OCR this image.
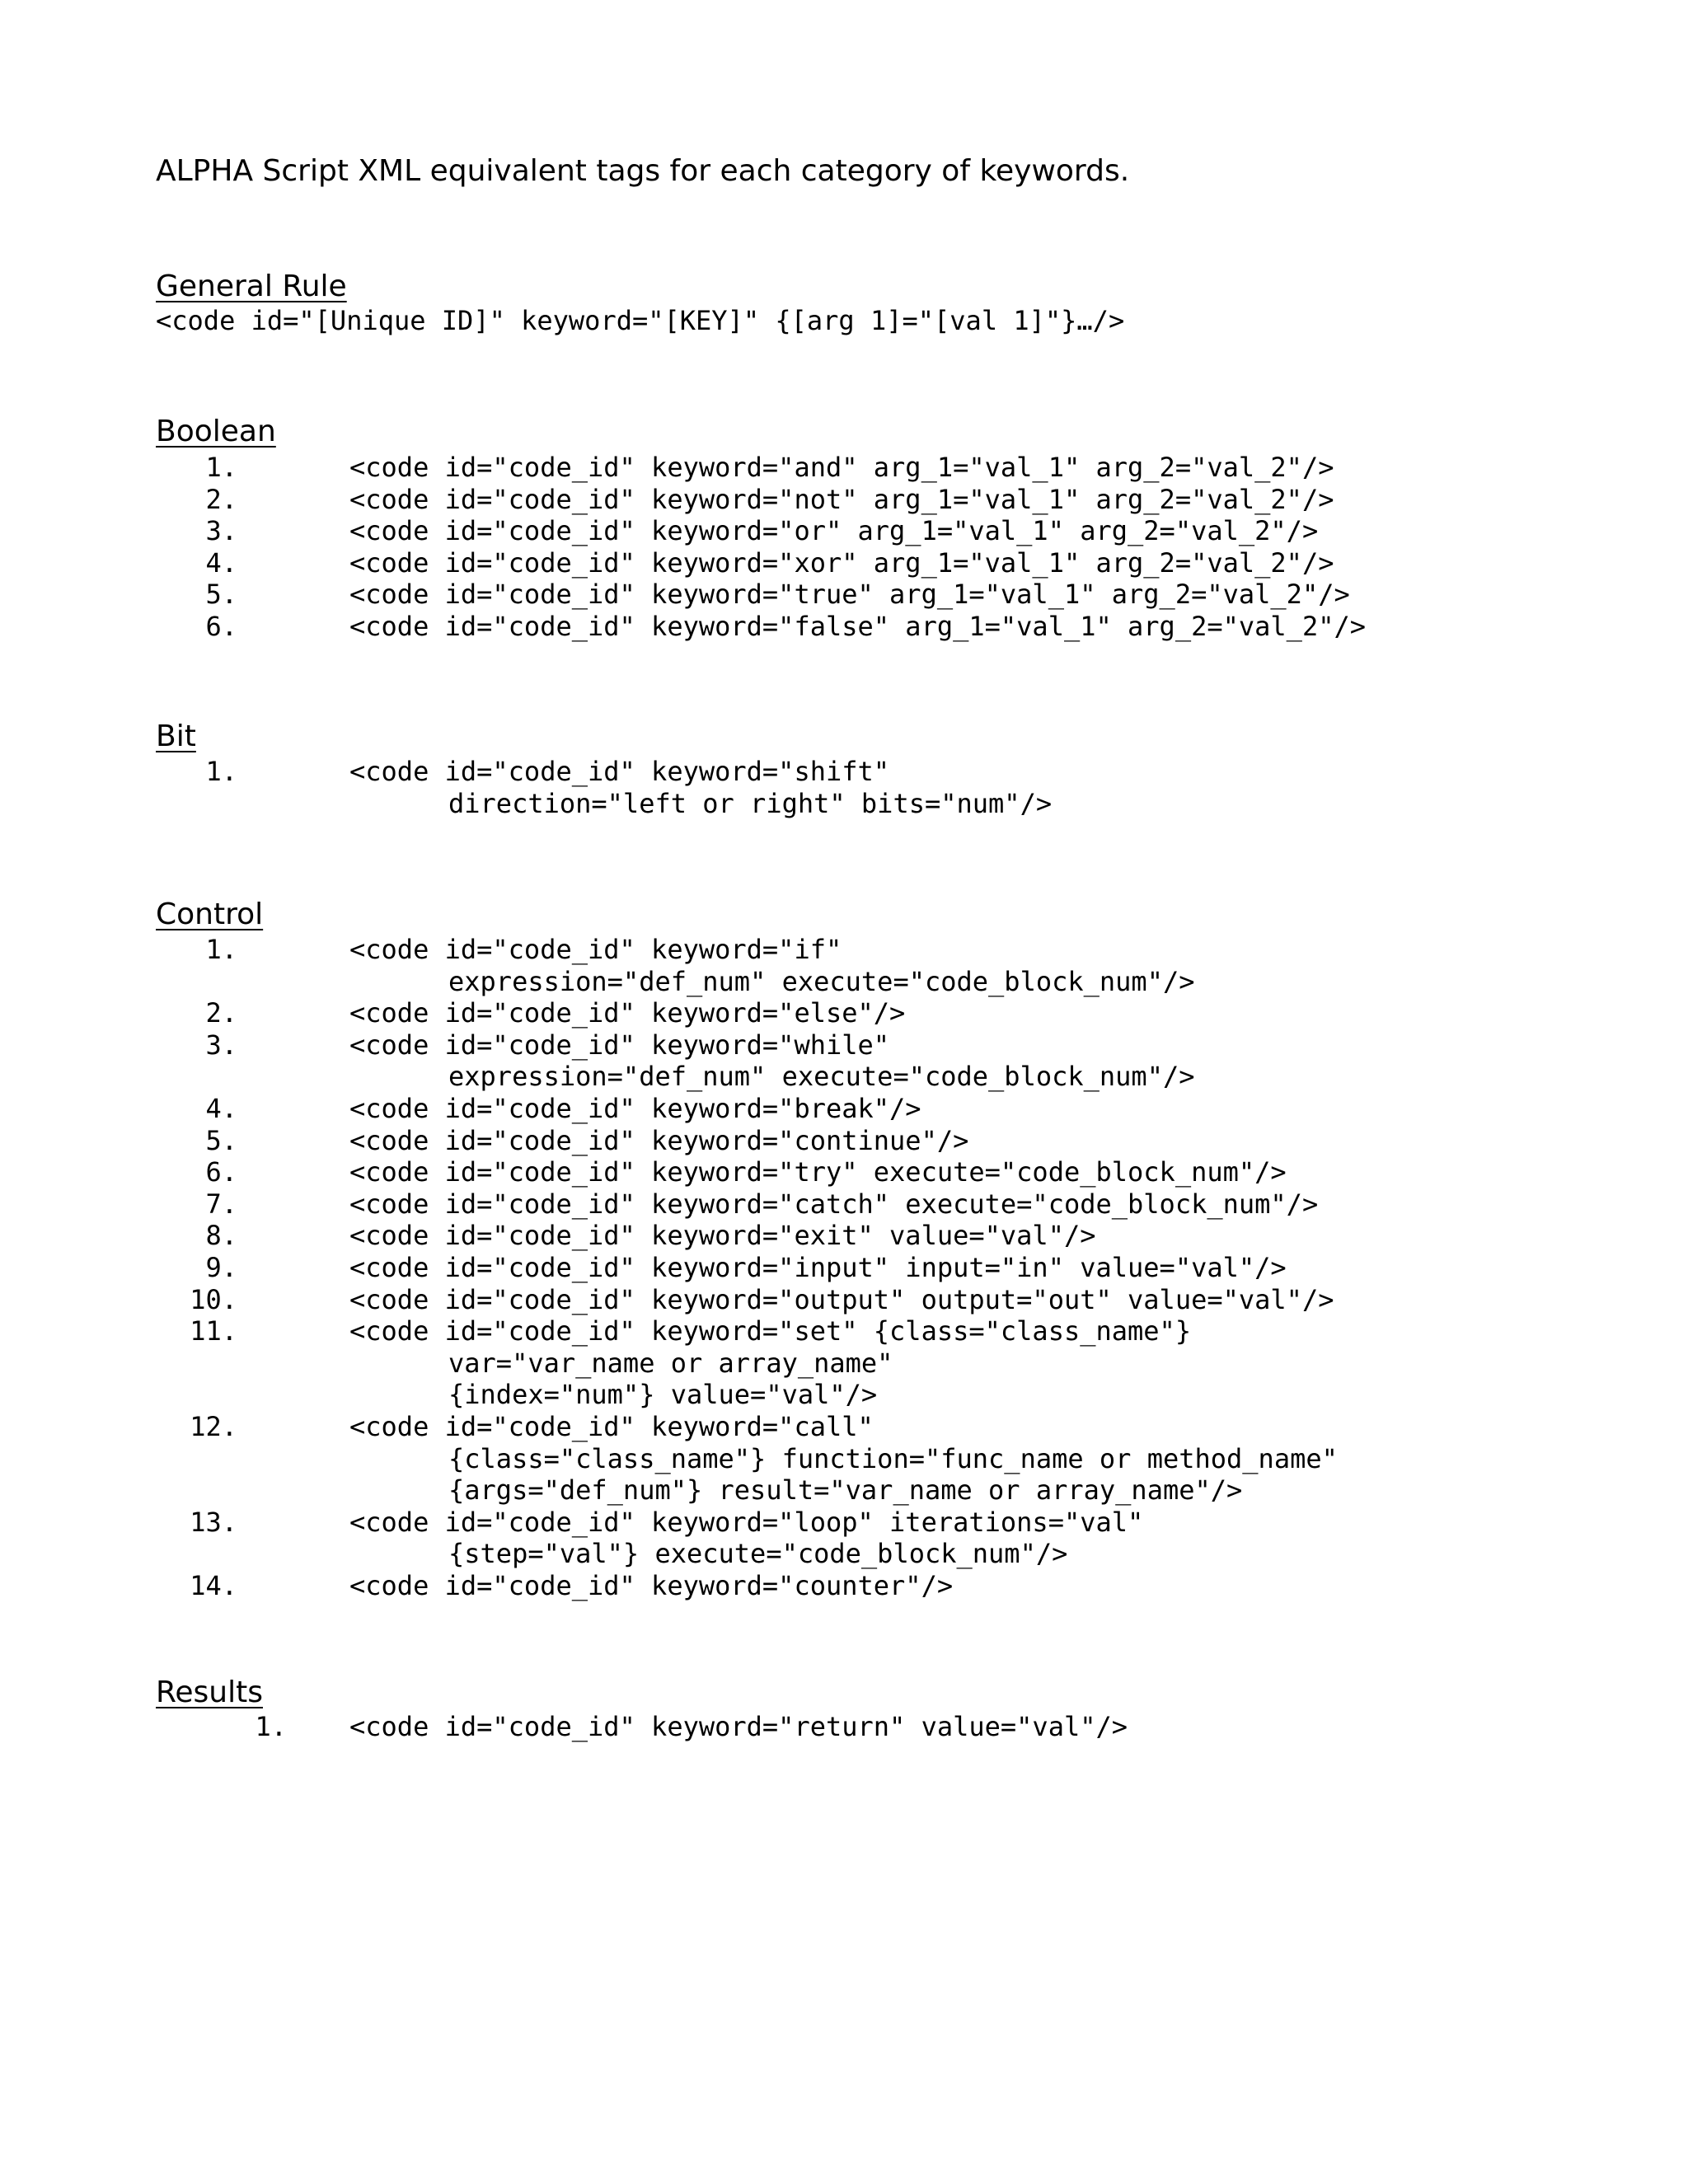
ALPHA Script XML equivalent tags for each category of keywords.
General Rule
<code id="[Unique ID]" keyword="[KEY]" {[arg 1]="[val 1]"}…/>
Boolean
1.	<code id="code_id" keyword="and" arg_1="val_1" arg_2="val_2"/>
2.	<code id="code_id" keyword="not" arg_1="val_1" arg_2="val_2"/>
3.	<code id="code_id" keyword="or" arg_1="val_1" arg_2="val_2"/>
4.	<code id="code_id" keyword="xor" arg_1="val_1" arg_2="val_2"/>
5.	<code id="code_id" keyword="true" arg_1="val_1" arg_2="val_2"/>
6.	<code id="code_id" keyword="false" arg_1="val_1" arg_2="val_2"/>
Bit
1.	<code id="code_id" keyword="shift"
direction="left or right" bits="num"/>
Control
1.	<code id="code_id" keyword="if"
expression="def_num" execute="code_block_num"/>
2.	<code id="code_id" keyword="else"/>
3.	<code id="code_id" keyword="while"
expression="def_num" execute="code_block_num"/>
4.	<code id="code_id" keyword="break"/>
5.	<code id="code_id" keyword="continue"/>
6.	<code id="code_id" keyword="try" execute="code_block_num"/>
7.	<code id="code_id" keyword="catch" execute="code_block_num"/>
8.	<code id="code_id" keyword="exit" value="val"/>
9.	<code id="code_id" keyword="input" input="in" value="val"/>
10.	<code id="code_id" keyword="output" output="out" value="val"/>
11.	<code id="code_id" keyword="set" {class="class_name"}
var="var_name or array_name"
{index="num"} value="val"/>
12.	<code id="code_id" keyword="call"
{class="class_name"} function="func_name or method_name"
{args="def_num"} result="var_name or array_name"/>
13.	<code id="code_id" keyword="loop" iterations="val"
{step="val"} execute="code_block_num"/>
14.	<code id="code_id" keyword="counter"/>
Results
1. <code id="code_id" keyword="return" value="val"/>
